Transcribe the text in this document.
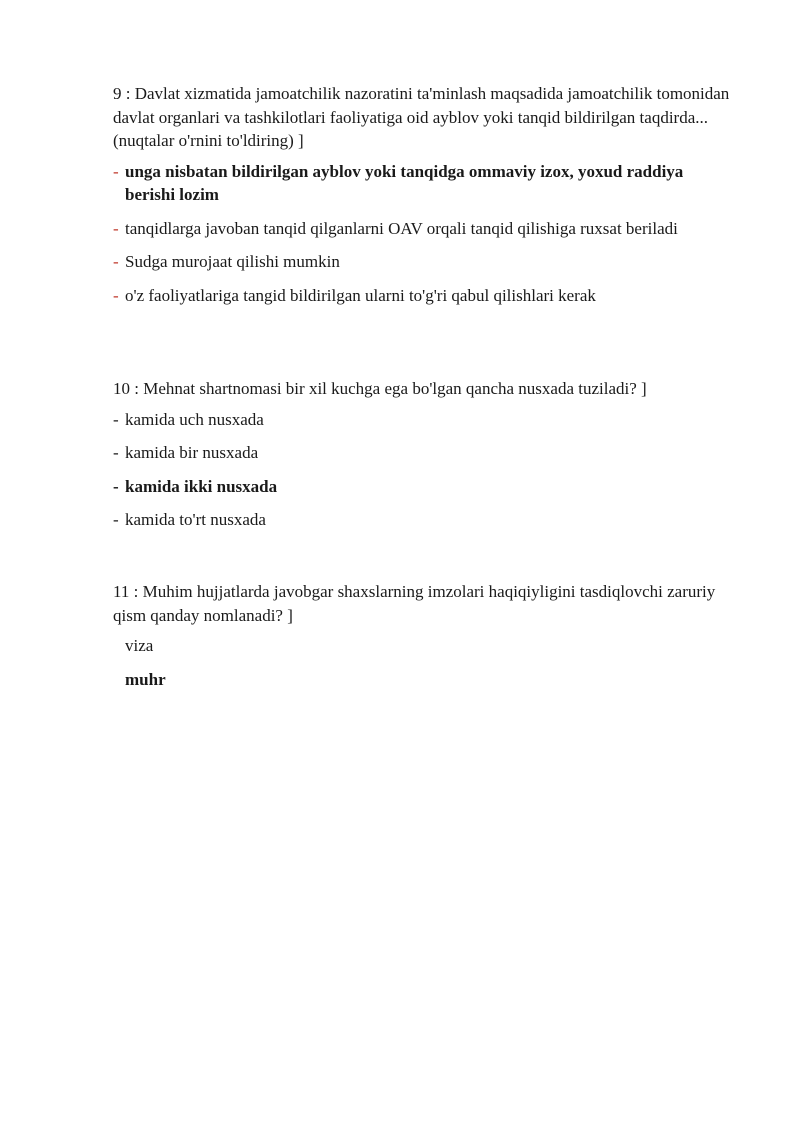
9 : Davlat xizmatida jamoatchilik nazoratini ta'minlash maqsadida jamoatchilik tomonidan davlat organlari va tashkilotlari faoliyatiga oid ayblov yoki tanqid bildirilgan taqdirda... (nuqtalar o'rnini to'ldiring) ]

- unga nisbatan bildirilgan ayblov yoki tanqidga ommaviy izox, yoxud raddiya berishi lozim
- tanqidlarga javoban tanqid qilganlarni OAV orqali tanqid qilishiga ruxsat beriladi
- Sudga murojaat qilishi mumkin
- o'z faoliyatlariga tangid bildirilgan ularni to'g'ri qabul qilishlari kerak

10 : Mehnat shartnomasi bir xil kuchga ega bo'lgan qancha nusxada tuziladi? ]

- kamida uch nusxada
- kamida bir nusxada
- kamida ikki nusxada
- kamida to'rt nusxada

11 : Muhim hujjatlarda javobgar shaxslarning imzolari haqiqiyligini tasdiqlovchi zaruriy qism qanday nomlanadi? ]

viza
muhr
